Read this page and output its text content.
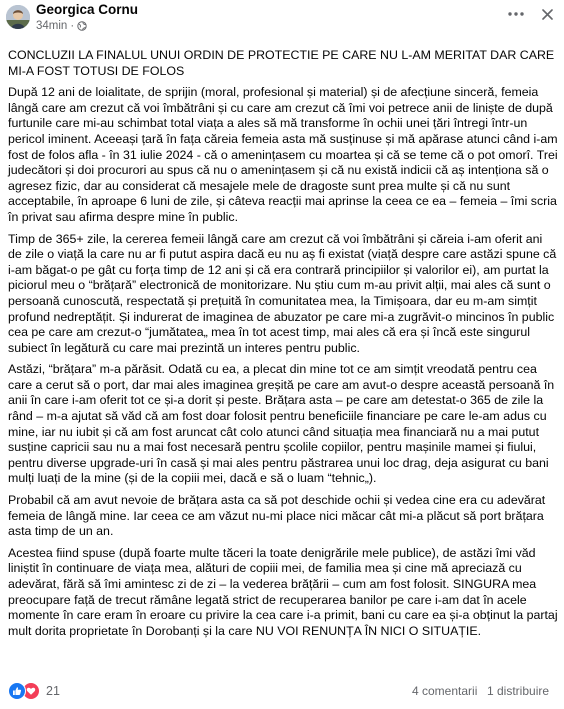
Georgica Cornu
34min ·

CONCLUZII LA FINALUL UNUI ORDIN DE PROTECTIE PE CARE NU L-AM MERITAT DAR CARE MI-A FOST TOTUSI DE FOLOS

După 12 ani de loialitate, de sprijin (moral, profesional și material) și de afecțiune sinceră, femeia lângă care am crezut că voi îmbătrâni și cu care am crezut că îmi voi petrece anii de liniște de după furtunile care mi-au schimbat total viața a ales să mă transforme în ochii unei țări întregi într-un pericol iminent. Aceeași țară în fața căreia femeia asta mă susținuse și mă apărase atunci când i-am fost de folos afla - în 31 iulie 2024 - că o amenințasem cu moartea și că se teme că o pot omorî. Trei judecători și doi procurori au spus că nu o amenințasem și că nu există indicii că aș intenționa să o agresez fizic, dar au considerat că mesajele mele de dragoste sunt prea multe și că nu sunt acceptabile, în aproape 6 luni de zile, și câteva reacții mai aprinse la ceea ce ea – femeia – îmi scria în privat sau afirma despre mine în public.

Timp de 365+ zile, la cererea femeii lângă care am crezut că voi îmbătrâni și căreia i-am oferit ani de zile o viață la care nu ar fi putut aspira dacă eu nu aș fi existat (viață despre care astăzi spune că i-am băgat-o pe gât cu forța timp de 12 ani și că era contrară principiilor și valorilor ei), am purtat la piciorul meu o “brățară” electronică de monitorizare. Nu știu cum m-au privit alții, mai ales că sunt o persoană cunoscută, respectată și prețuită în comunitatea mea, la Timișoara, dar eu m-am simțit profund nedreptățit. Și indurerat de imaginea de abuzator pe care mi-a zugrăvit-o mincinos în public cea pe care am crezut-o “jumătatea„ mea în tot acest timp, mai ales că era și încă este singurul subiect în legătură cu care mai prezintă un interes pentru public.

Astăzi, “brățara” m-a părăsit. Odată cu ea, a plecat din mine tot ce am simțit vreodată pentru cea care a cerut să o port, dar mai ales imaginea greșită pe care am avut-o despre această persoană în anii în care i-am oferit tot ce și-a dorit și peste. Brățara asta – pe care am detestat-o 365 de zile la rând – m-a ajutat să văd că am fost doar folosit pentru beneficiile financiare pe care le-am adus cu mine, iar nu iubit și că am fost aruncat cât colo atunci când situația mea financiară nu a mai putut susține capricii sau nu a mai fost necesară pentru școlile copiilor, pentru mașinile mamei și fiului, pentru diverse upgrade-uri în casă și mai ales pentru păstrarea unui loc drag, deja asigurat cu bani mulți luați de la mine (și de la copiii mei, dacă e să o luam “tehnic„).

Probabil că am avut nevoie de brățara asta ca să pot deschide ochii și vedea cine era cu adevărat femeia de lângă mine. Iar ceea ce am văzut nu-mi place nici măcar cât mi-a plăcut să port brățara asta timp de un an.

Acestea fiind spuse (după foarte multe tăceri la toate denigrările mele publice), de astăzi îmi văd liniștit în continuare de viața mea, alături de copiii mei, de familia mea și cine mă apreciază cu adevărat, fără să îmi amintesc zi de zi – la vederea brățării – cum am fost folosit. SINGURA mea preocupare față de trecut rămâne legată strict de recuperarea banilor pe care i-am dat în acele momente în care eram în eroare cu privire la cea care i-a primit, bani cu care ea și-a obținut la partaj mult dorita proprietate în Dorobanți și la care NU VOI RENUNȚA ÎN NICI O SITUAȚIE.

21	4 comentarii 1 distribuire
